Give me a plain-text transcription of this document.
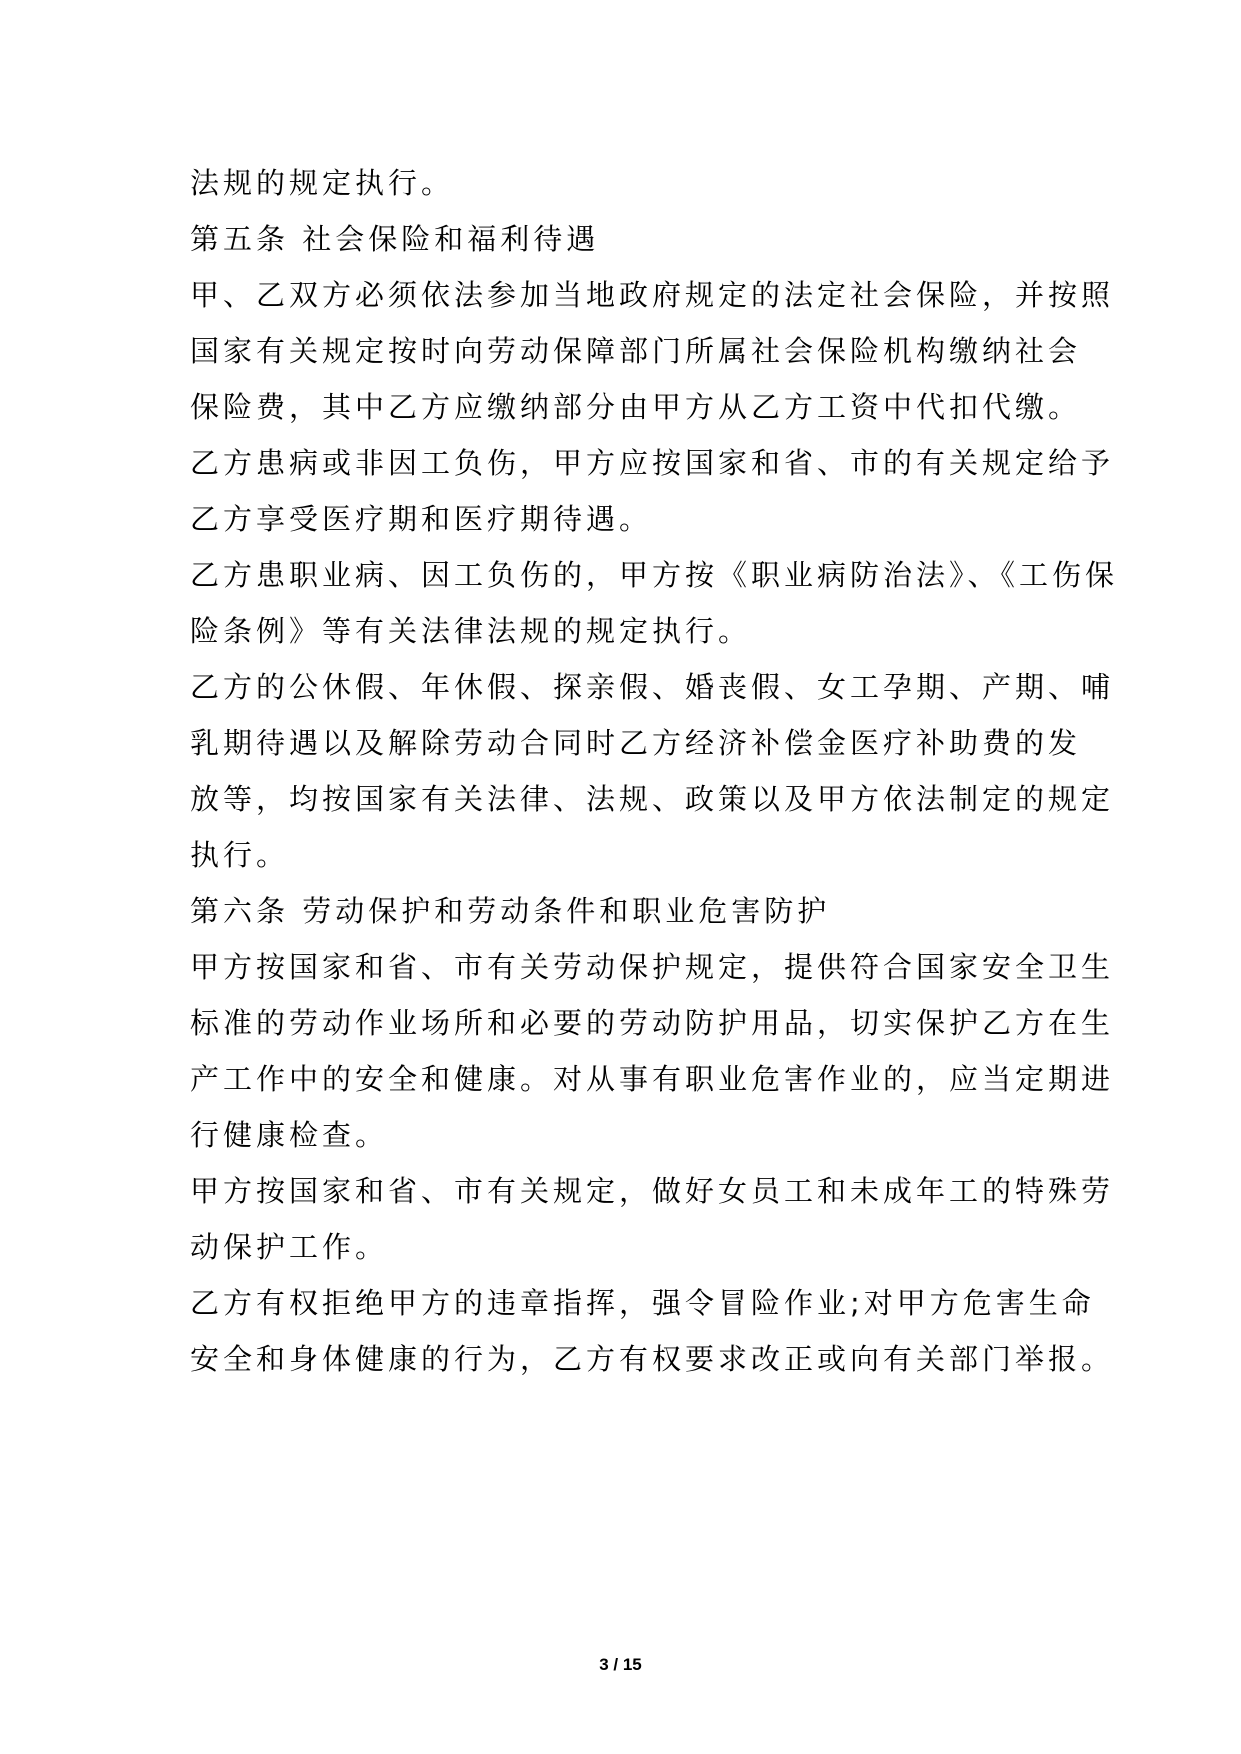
法规的规定执行。
第五条 社会保险和福利待遇
甲、乙双方必须依法参加当地政府规定的法定社会保险，并按照
国家有关规定按时向劳动保障部门所属社会保险机构缴纳社会
保险费，其中乙方应缴纳部分由甲方从乙方工资中代扣代缴。
乙方患病或非因工负伤，甲方应按国家和省、市的有关规定给予
乙方享受医疗期和医疗期待遇。
乙方患职业病、因工负伤的，甲方按《职业病防治法》、《工伤保
险条例》等有关法律法规的规定执行。
乙方的公休假、年休假、探亲假、婚丧假、女工孕期、产期、哺
乳期待遇以及解除劳动合同时乙方经济补偿金医疗补助费的发
放等，均按国家有关法律、法规、政策以及甲方依法制定的规定
执行。
第六条 劳动保护和劳动条件和职业危害防护
甲方按国家和省、市有关劳动保护规定，提供符合国家安全卫生
标准的劳动作业场所和必要的劳动防护用品，切实保护乙方在生
产工作中的安全和健康。对从事有职业危害作业的，应当定期进
行健康检查。
甲方按国家和省、市有关规定，做好女员工和未成年工的特殊劳
动保护工作。
乙方有权拒绝甲方的违章指挥，强令冒险作业;对甲方危害生命
安全和身体健康的行为，乙方有权要求改正或向有关部门举报。
3 / 15
